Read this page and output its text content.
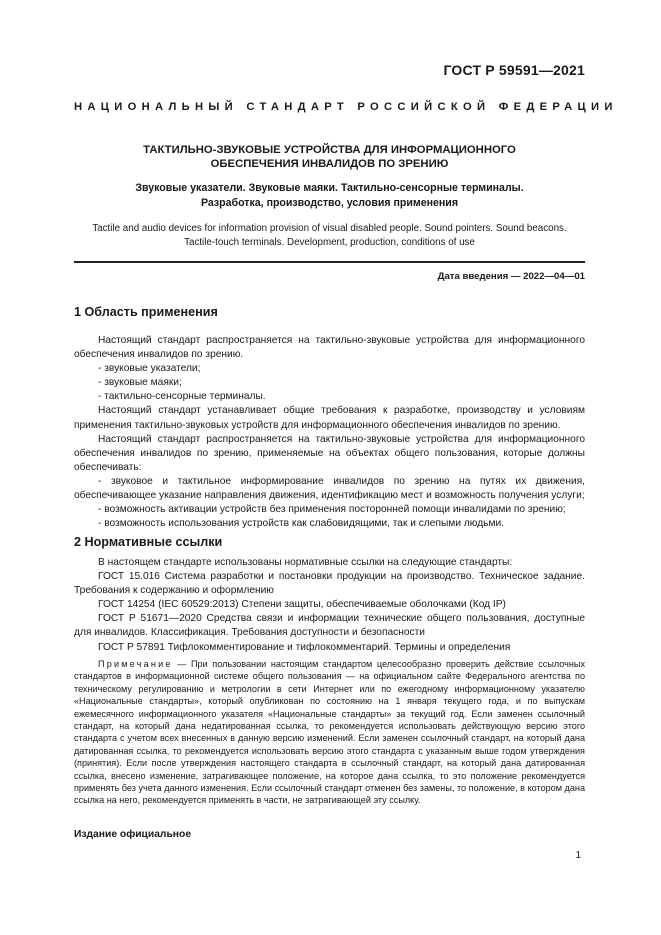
ГОСТ Р 59591—2021
НАЦИОНАЛЬНЫЙ СТАНДАРТ РОССИЙСКОЙ ФЕДЕРАЦИИ
ТАКТИЛЬНО-ЗВУКОВЫЕ УСТРОЙСТВА ДЛЯ ИНФОРМАЦИОННОГО
ОБЕСПЕЧЕНИЯ ИНВАЛИДОВ ПО ЗРЕНИЮ
Звуковые указатели. Звуковые маяки. Тактильно-сенсорные терминалы.
Разработка, производство, условия применения
Tactile and audio devices for information provision of visual disabled people. Sound pointers. Sound beacons.
Tactile-touch terminals. Development, production, conditions of use
Дата введения — 2022—04—01
1 Область применения

Настоящий стандарт распространяется на тактильно-звуковые устройства для информационного обеспечения инвалидов по зрению.

- звуковые указатели;

- звуковые маяки;

- тактильно-сенсорные терминалы.

Настоящий стандарт устанавливает общие требования к разработке, производству и условиям применения тактильно-звуковых устройств для информационного обеспечения инвалидов по зрению.

Настоящий стандарт распространяется на тактильно-звуковые устройства для информационного обеспечения инвалидов по зрению, применяемые на объектах общего пользования, которые должны обеспечивать:

- звуковое и тактильное информирование инвалидов по зрению на путях их движения, обеспечивающее указание направления движения, идентификацию мест и возможность получения услуги;

- возможность активации устройств без применения посторонней помощи инвалидами по зрению;

- возможность использования устройств как слабовидящими, так и слепыми людьми.

2 Нормативные ссылки

В настоящем стандарте использованы нормативные ссылки на следующие стандарты:

ГОСТ 15.016 Система разработки и постановки продукции на производство. Техническое задание. Требования к содержанию и оформлению

ГОСТ 14254 (IEC 60529:2013) Степени защиты, обеспечиваемые оболочками (Код IP)

ГОСТ Р 51671—2020 Средства связи и информации технические общего пользования, доступные для инвалидов. Классификация. Требования доступности и безопасности

ГОСТ Р 57891 Тифлокомментирование и тифлокомментарий. Термины и определения

Примечание — При пользовании настоящим стандартом целесообразно проверить действие ссылочных стандартов в информационной системе общего пользования — на официальном сайте Федерального агентства по техническому регулированию и метрологии в сети Интернет или по ежегодному информационному указателю «Национальные стандарты», который опубликован по состоянию на 1 января текущего года, и по выпускам ежемесячного информационного указателя «Национальные стандарты» за текущий год. Если заменен ссылочный стандарт, на который дана недатированная ссылка, то рекомендуется использовать действующую версию этого стандарта с учетом всех внесенных в данную версию изменений. Если заменен ссылочный стандарт, на который дана датированная ссылка, то рекомендуется использовать версию этого стандарта с указанным выше годом утверждения (принятия). Если после утверждения настоящего стандарта в ссылочный стандарт, на который дана датированная ссылка, внесено изменение, затрагивающее положение, на которое дана ссылка, то это положение рекомендуется применять без учета данного изменения. Если ссылочный стандарт отменен без замены, то положение, в котором дана ссылка на него, рекомендуется применять в части, не затрагивающей эту ссылку.
Издание официальное
1
